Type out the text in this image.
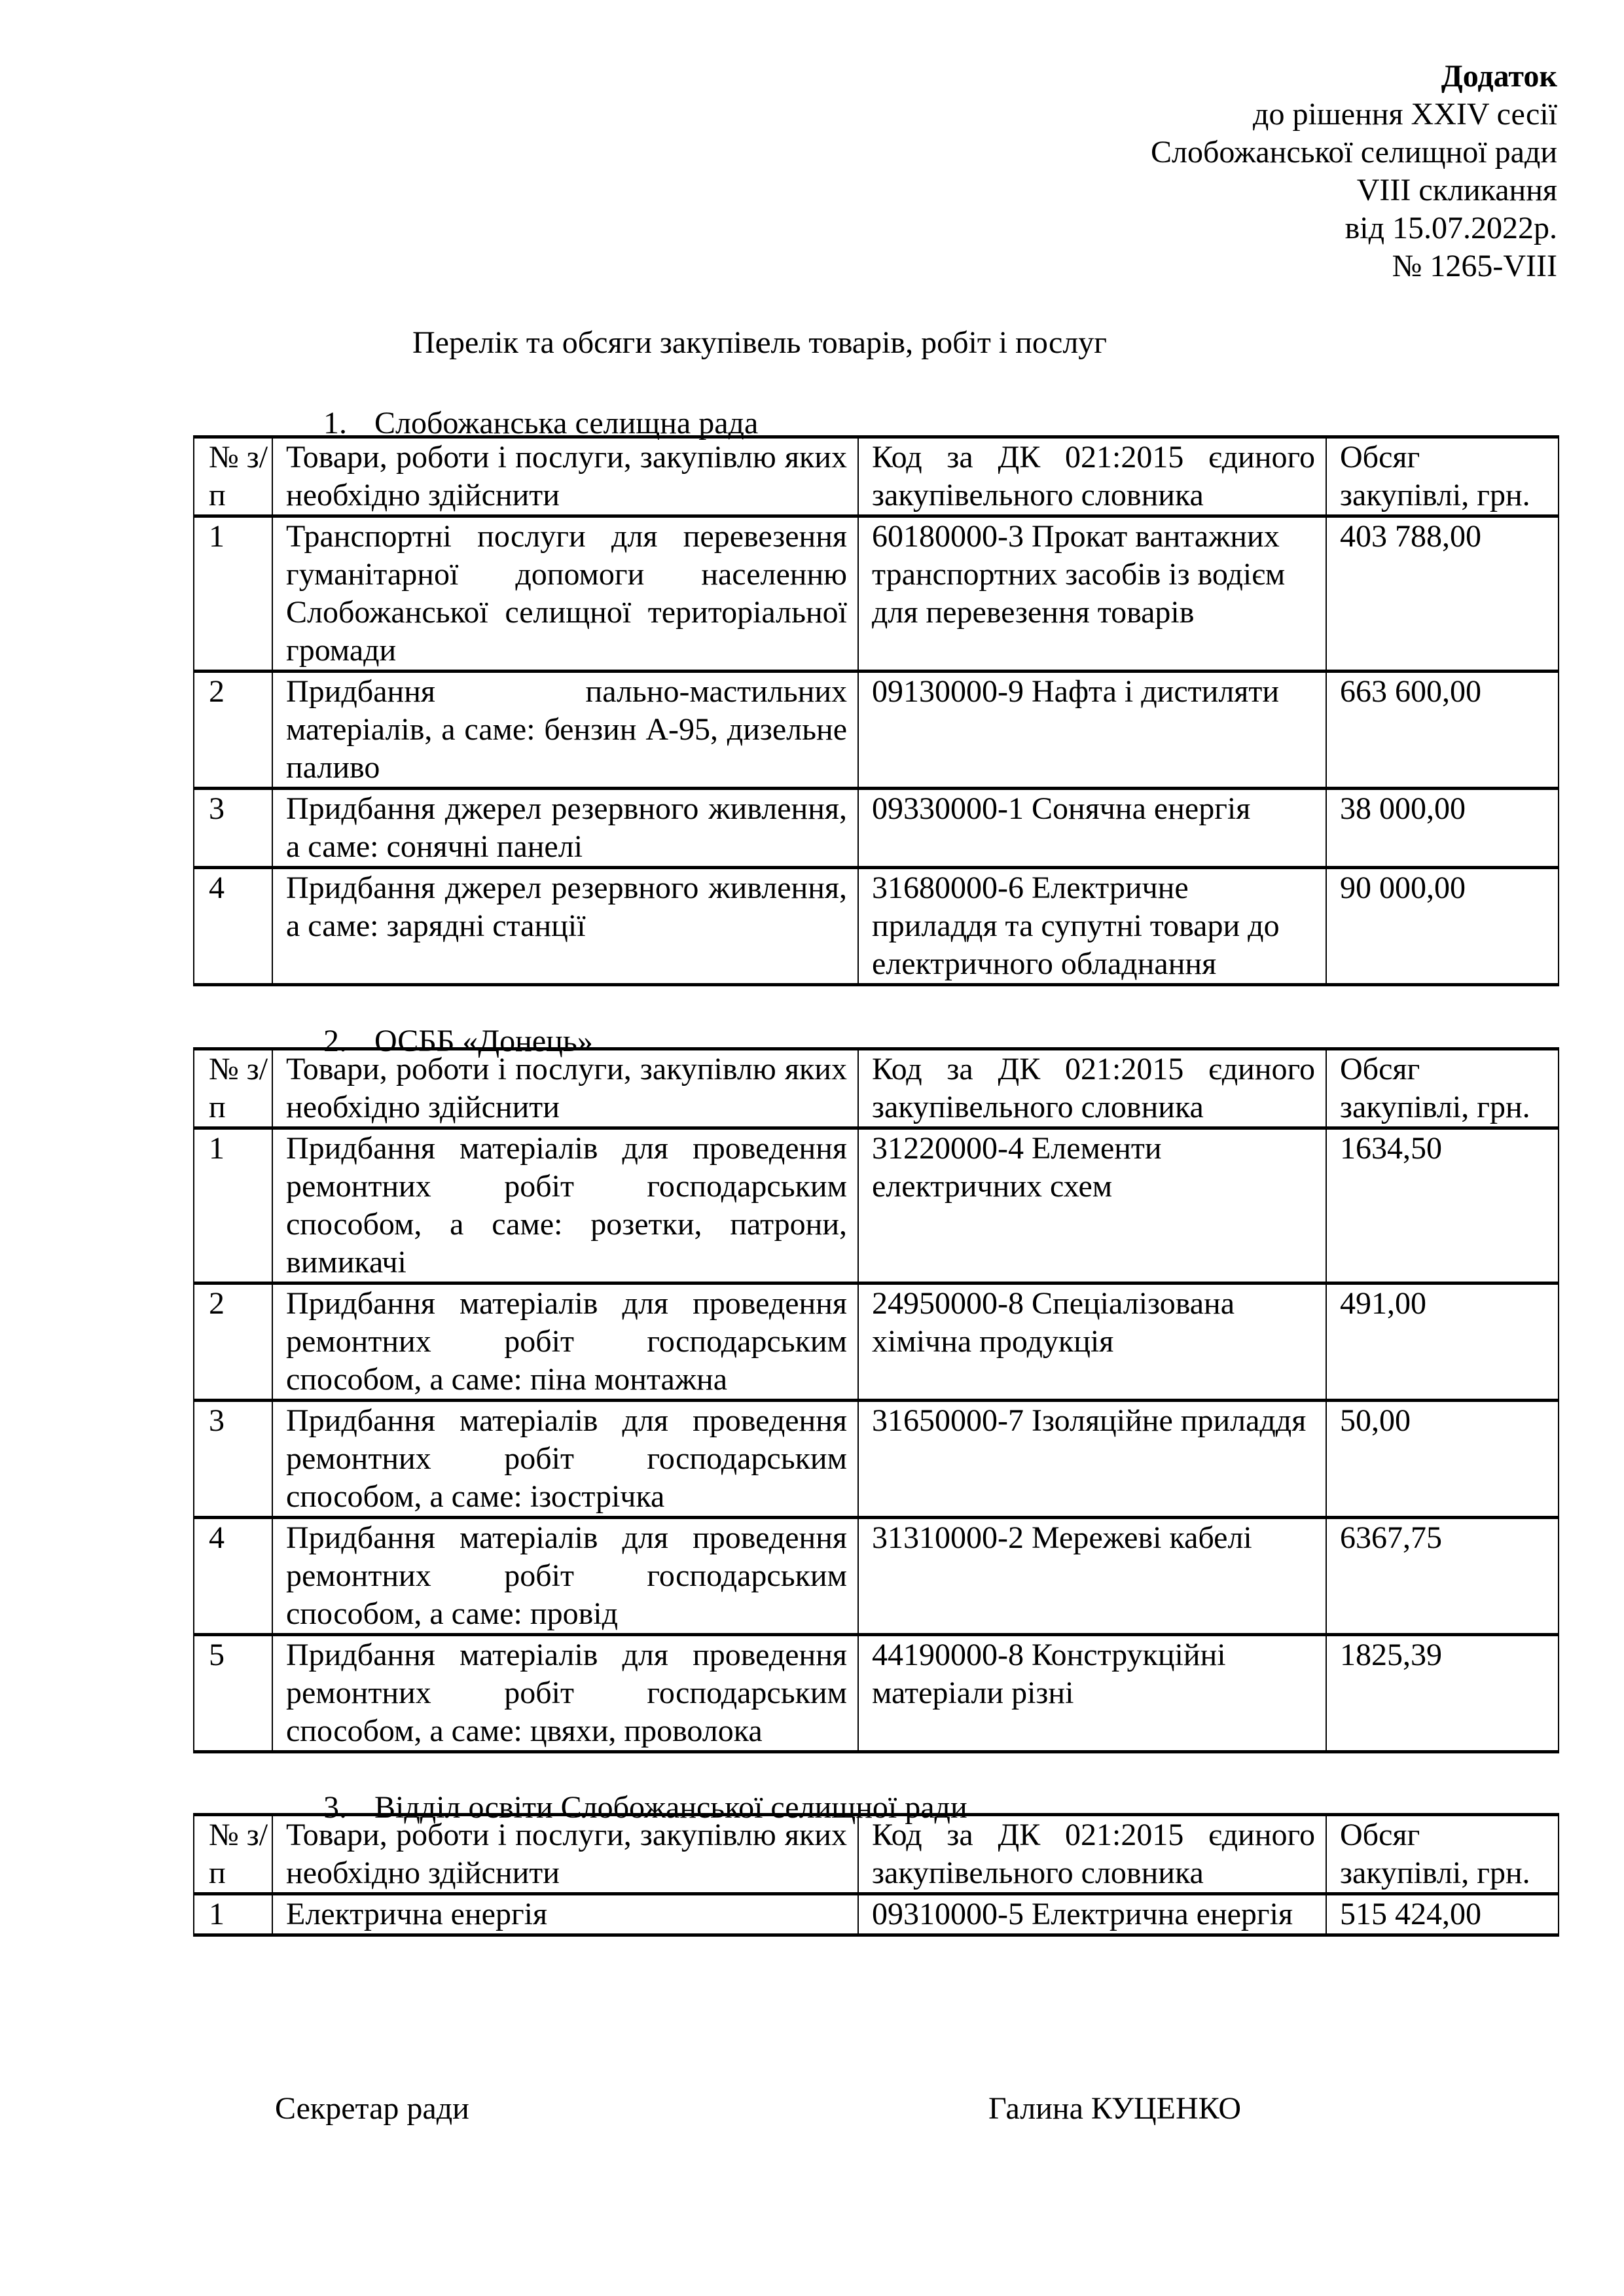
Додаток
до рішення XXIV сесії
Слобожанської селищної ради
VIII скликання
від 15.07.2022р.
№ 1265-VIII
Перелік та обсяги закупівель товарів, робіт і послуг
1. Слобожанська селищна рада
№ з/п	Товари, роботи і послуги, закупівлю яких необхідно здійснити	Код за ДК 021:2015 єдиного закупівельного словника	Обсяг закупівлі, грн.
1	Транспортні послуги для перевезення гуманітарної допомоги населенню Слобожанської селищної територіальної громади	60180000-3 Прокат вантажних транспортних засобів із водієм для перевезення товарів	403 788,00
2	Придбання пально-мастильних матеріалів, а саме: бензин А-95, дизельне паливо	09130000-9 Нафта і дистиляти	663 600,00
3	Придбання джерел резервного живлення, а саме: сонячні панелі	09330000-1 Сонячна енергія	38 000,00
4	Придбання джерел резервного живлення, а саме: зарядні станції	31680000-6 Електричне приладдя та супутні товари до електричного обладнання	90 000,00
2. ОСББ «Донець»
№ з/п	Товари, роботи і послуги, закупівлю яких необхідно здійснити	Код за ДК 021:2015 єдиного закупівельного словника	Обсяг закупівлі, грн.
1	Придбання матеріалів для проведення ремонтних робіт господарським способом, а саме: розетки, патрони, вимикачі	31220000-4 Елементи електричних схем	1634,50
2	Придбання матеріалів для проведення ремонтних робіт господарським способом, а саме: піна монтажна	24950000-8 Спеціалізована хімічна продукція	491,00
3	Придбання матеріалів для проведення ремонтних робіт господарським способом, а саме: ізострічка	31650000-7 Ізоляційне приладдя	50,00
4	Придбання матеріалів для проведення ремонтних робіт господарським способом, а саме: провід	31310000-2 Мережеві кабелі	6367,75
5	Придбання матеріалів для проведення ремонтних робіт господарським способом, а саме: цвяхи, проволока	44190000-8 Конструкційні матеріали різні	1825,39
3. Відділ освіти Слобожанської селищної ради
№ з/п	Товари, роботи і послуги, закупівлю яких необхідно здійснити	Код за ДК 021:2015 єдиного закупівельного словника	Обсяг закупівлі, грн.
1	Електрична енергія	09310000-5 Електрична енергія	515 424,00
Секретар ради	Галина КУЦЕНКО
